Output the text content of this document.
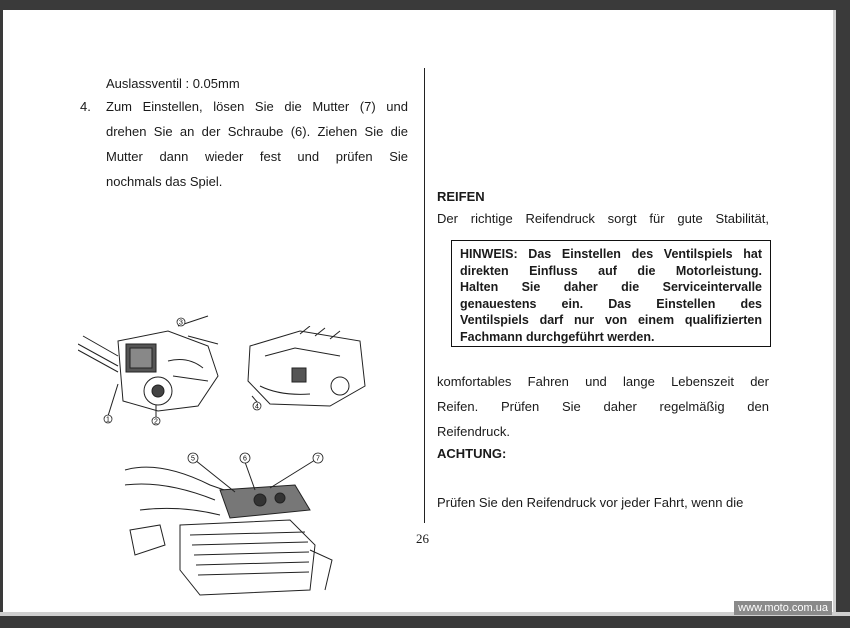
www.moto.com.ua
Auslassventil : 0.05mm
4. Zum Einstellen, lösen Sie die Mutter (7) und
drehen Sie an der Schraube (6). Ziehen Sie die
Mutter dann wieder fest und prüfen Sie
nochmals das Spiel.
3
1	2
4
5	6	7
26
REIFEN
Der richtige Reifendruck sorgt für gute Stabilität,
HINWEIS: Das Einstellen des Ventilspiels hat
direkten Einfluss auf die Motorleistung.
Halten Sie daher die Serviceintervalle
genauestens ein. Das Einstellen des
Ventilspiels darf nur von einem qualifizierten
Fachmann durchgeführt werden.
komfortables Fahren und lange Lebenszeit der
Reifen. Prüfen Sie daher regelmäßig den
Reifendruck.
ACHTUNG:
Prüfen Sie den Reifendruck vor jeder Fahrt, wenn die
